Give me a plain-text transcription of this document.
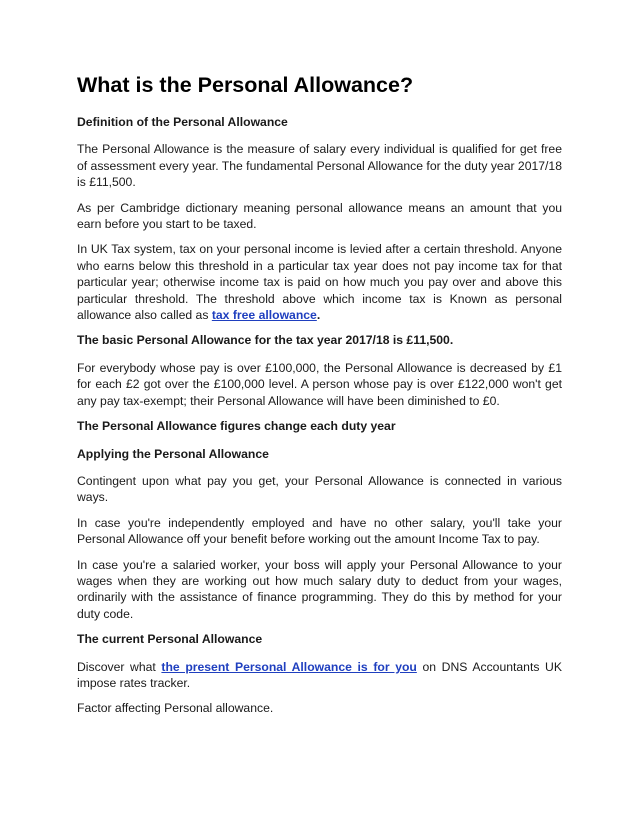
What is the Personal Allowance?

Definition of the Personal Allowance

The Personal Allowance is the measure of salary every individual is qualified for get free of assessment every year. The fundamental Personal Allowance for the duty year 2017/18 is £11,500.

As per Cambridge dictionary meaning personal allowance means an amount that you earn before you start to be taxed.

In UK Tax system, tax on your personal income is levied after a certain threshold. Anyone who earns below this threshold in a particular tax year does not pay income tax for that particular year; otherwise income tax is paid on how much you pay over and above this particular threshold. The threshold above which income tax is Known as personal allowance also called as tax free allowance.

The basic Personal Allowance for the tax year 2017/18 is £11,500.

For everybody whose pay is over £100,000, the Personal Allowance is decreased by £1 for each £2 got over the £100,000 level. A person whose pay is over £122,000 won't get any pay tax-exempt; their Personal Allowance will have been diminished to £0.

The Personal Allowance figures change each duty year

Applying the Personal Allowance

Contingent upon what pay you get, your Personal Allowance is connected in various ways.

In case you're independently employed and have no other salary, you'll take your Personal Allowance off your benefit before working out the amount Income Tax to pay.

In case you're a salaried worker, your boss will apply your Personal Allowance to your wages when they are working out how much salary duty to deduct from your wages, ordinarily with the assistance of finance programming. They do this by method for your duty code.

The current Personal Allowance

Discover what the present Personal Allowance is for you on DNS Accountants UK impose rates tracker.

Factor affecting Personal allowance.
